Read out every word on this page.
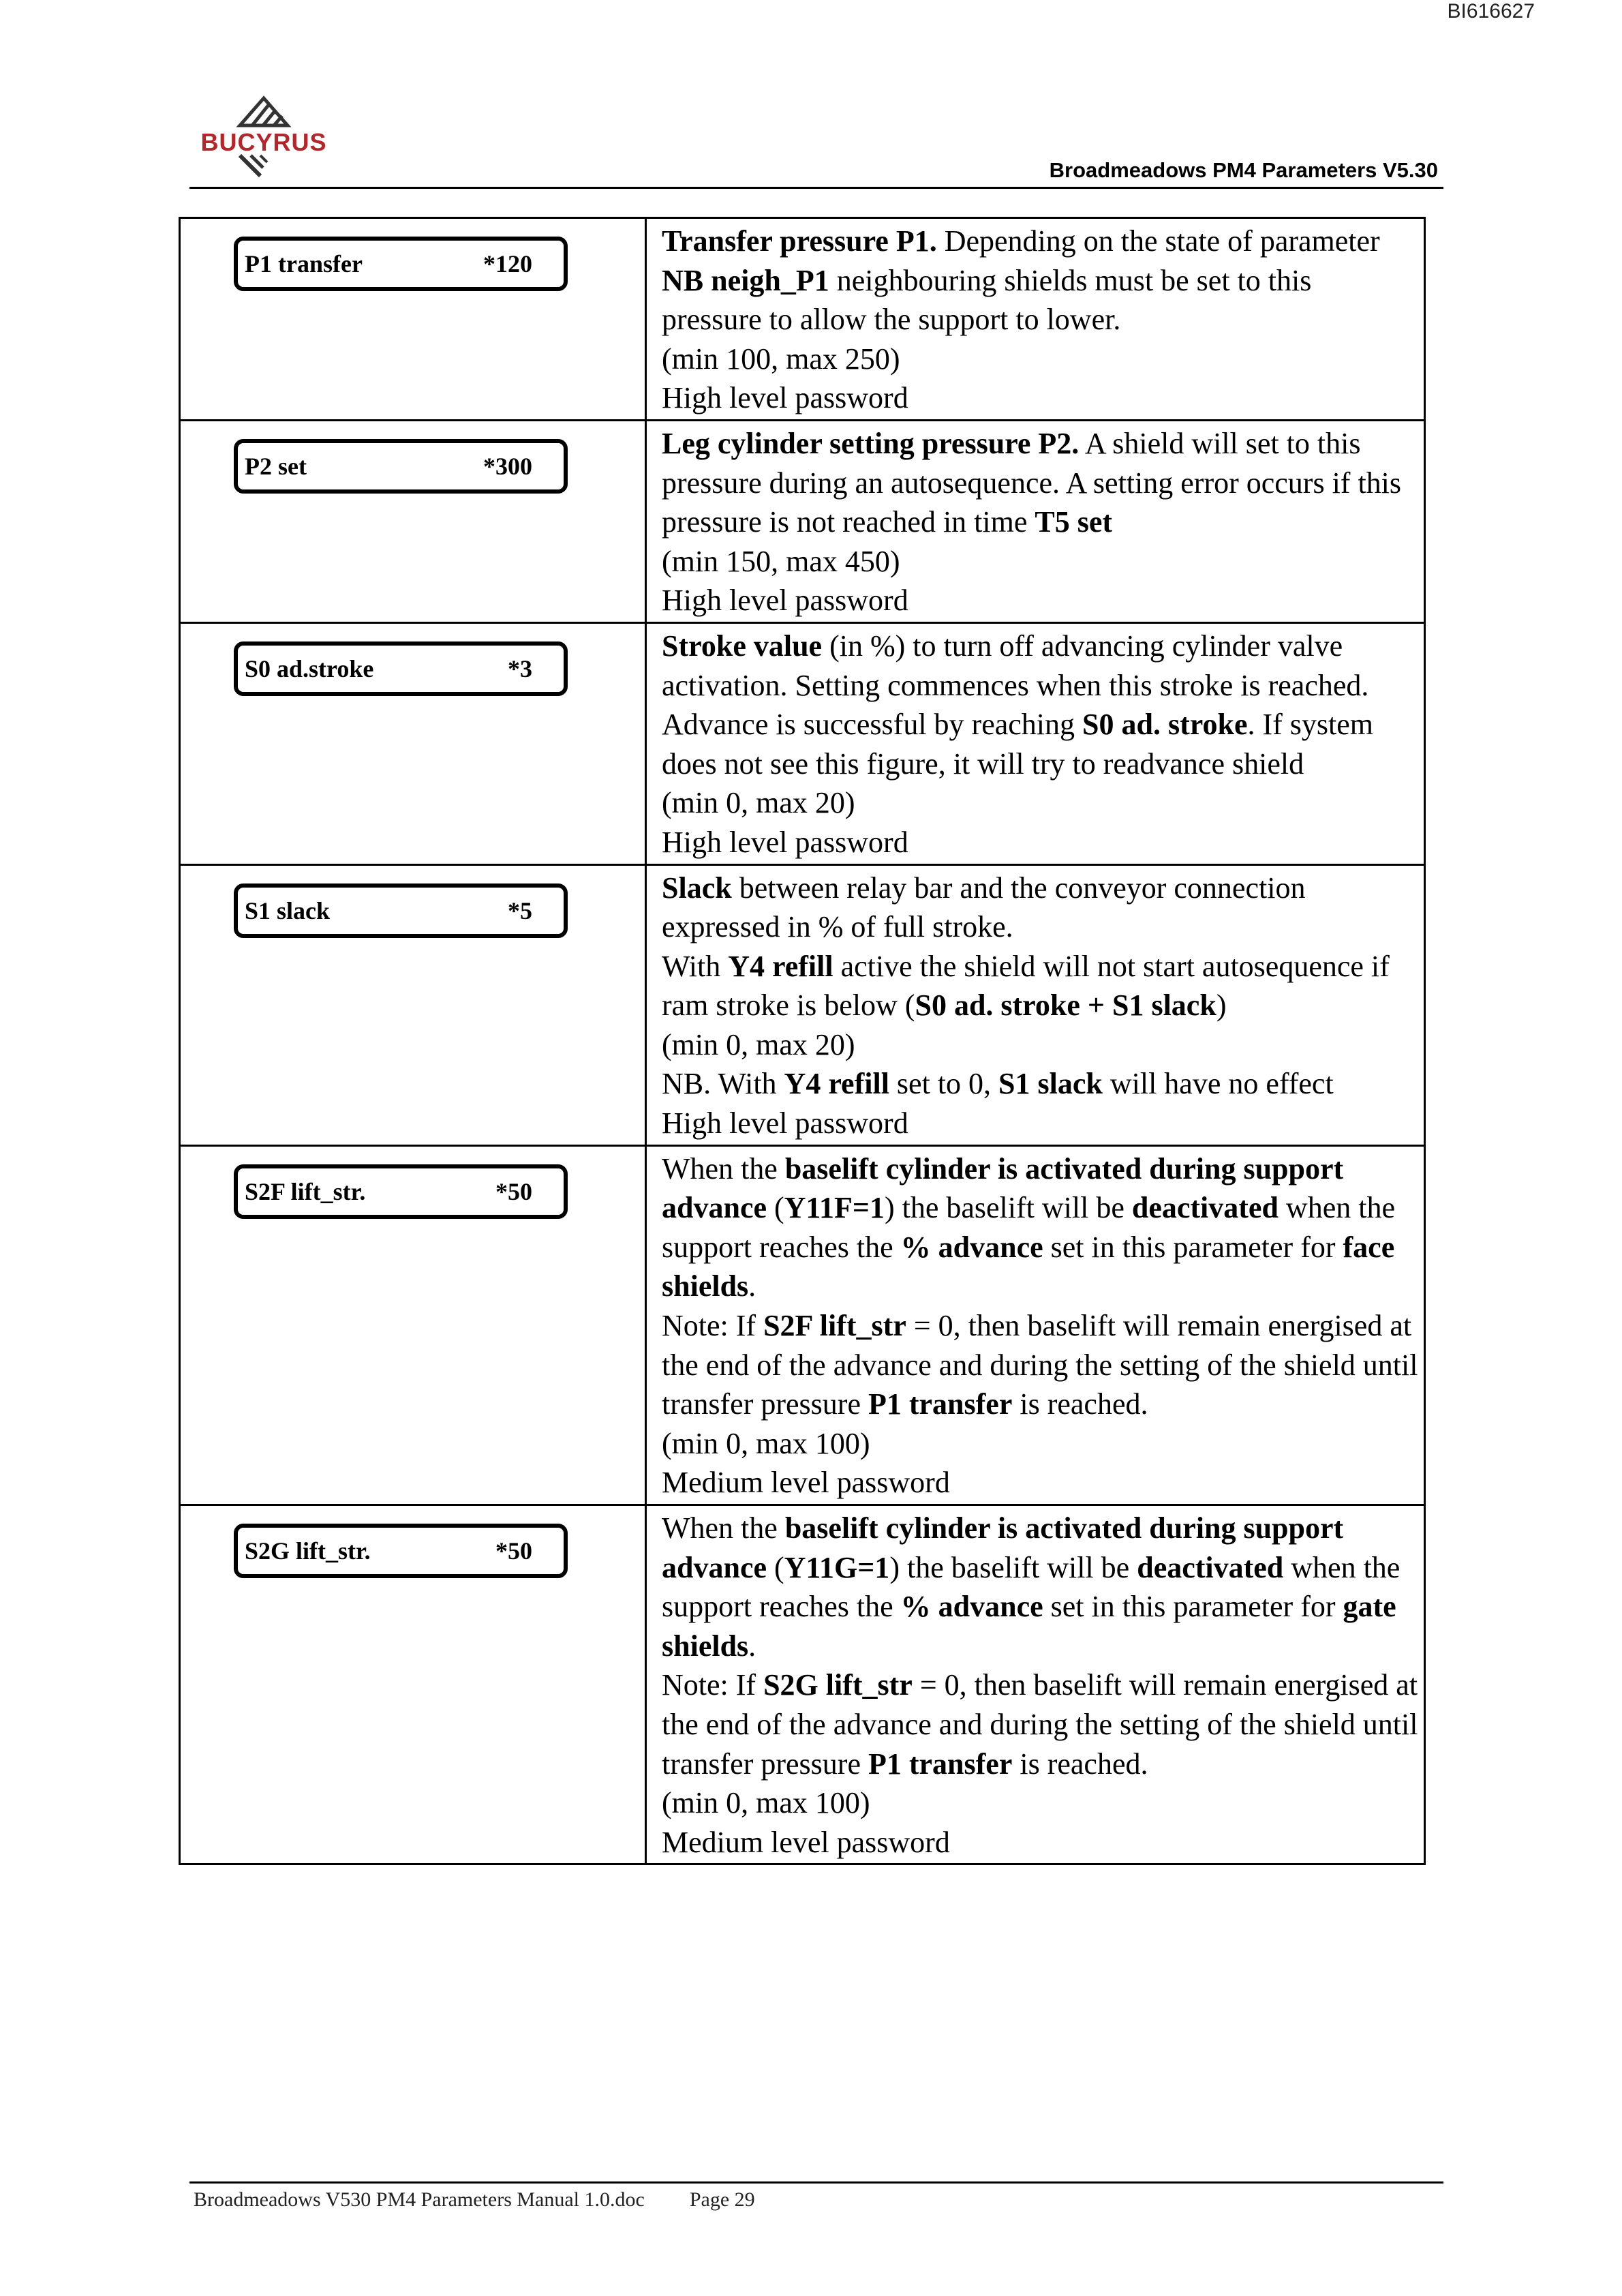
BI616627
BUCYRUS
Broadmeadows PM4 Parameters V5.30
P1 transfer	*120

Transfer pressure P1. Depending on the state of parameter NB neigh_P1 neighbouring shields must be set to this pressure to allow the support to lower.

(min 100, max 250)

High level password

P2 set	*300

Leg cylinder setting pressure P2. A shield will set to this pressure during an autosequence. A setting error occurs if this pressure is not reached in time T5 set

(min 150, max 450)

High level password

S0 ad.stroke	*3

Stroke value (in %) to turn off advancing cylinder valve activation. Setting commences when this stroke is reached.

Advance is successful by reaching S0 ad. stroke. If system does not see this figure, it will try to readvance shield

(min 0, max 20)

High level password

S1 slack	*5

Slack between relay bar and the conveyor connection expressed in % of full stroke.

With Y4 refill active the shield will not start autosequence if ram stroke is below (S0 ad. stroke + S1 slack)

(min 0, max 20)

NB. With Y4 refill set to 0, S1 slack will have no effect

High level password

S2F lift_str.	*50

When the baselift cylinder is activated during support advance (Y11F=1) the baselift will be deactivated when the support reaches the % advance set in this parameter for face shields.

Note: If S2F lift_str = 0, then baselift will remain energised at the end of the advance and during the setting of the shield until transfer pressure P1 transfer is reached.

(min 0, max 100)

Medium level password

S2G lift_str.	*50

When the baselift cylinder is activated during support advance (Y11G=1) the baselift will be deactivated when the support reaches the % advance set in this parameter for gate shields.

Note: If S2G lift_str = 0, then baselift will remain energised at the end of the advance and during the setting of the shield until transfer pressure P1 transfer is reached.

(min 0, max 100)

Medium level password

Broadmeadows V530 PM4 Parameters Manual 1.0.doc Page 29
